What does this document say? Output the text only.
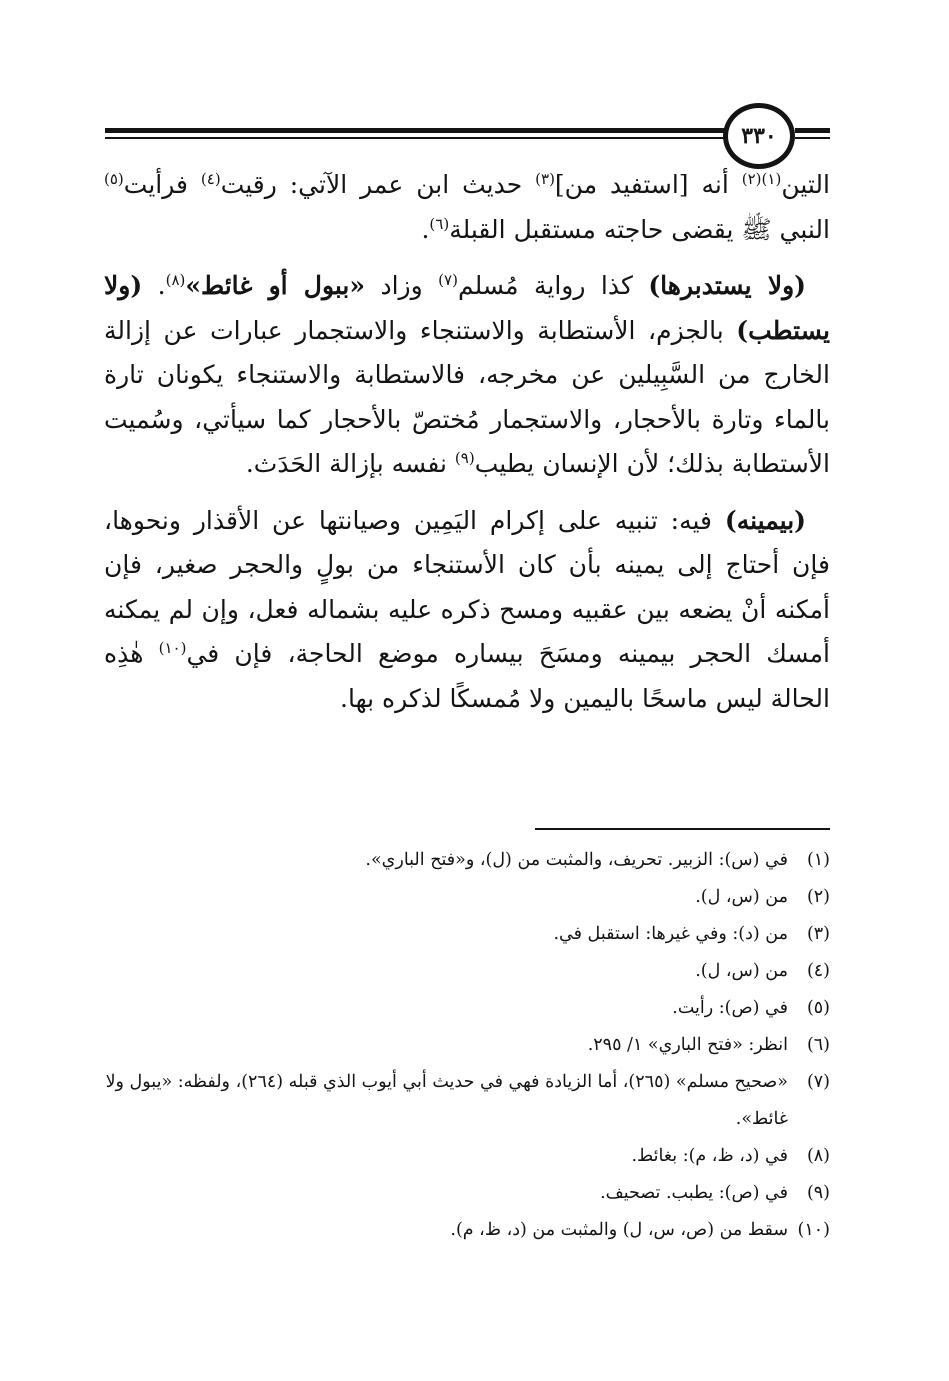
٣٣٠

التين$^{(١)(٢)}$ أنه [استفيد من]$^{(٣)}$ حديث ابن عمر الآتي: رقيت$^{(٤)}$ فرأيت$^{(٥)}$ النبي ﷺ يقضى حاجته مستقبل القبلة$^{(٦)}$.

(ولا يستدبرها) كذا رواية مُسلم$^{(٧)}$ وزاد «ببول أو غائط»$^{(٨)}$. (ولا يستطب) بالجزم، الأستطابة والاستنجاء والاستجمار عبارات عن إزالة الخارج من السَّبِيلين عن مخرجه، فالاستطابة والاستنجاء يكونان تارة بالماء وتارة بالأحجار، والاستجمار مُختصّ بالأحجار كما سيأتي، وسُميت الأستطابة بذلك؛ لأن الإنسان يطيب$^{(٩)}$ نفسه بإزالة الحَدَث.

(بيمينه) فيه: تنبيه على إكرام اليَمِين وصيانتها عن الأقذار ونحوها، فإن أحتاج إلى يمينه بأن كان الأستنجاء من بولٍ والحجر صغير، فإن أمكنه أنْ يضعه بين عقبيه ومسح ذكره عليه بشماله فعل، وإن لم يمكنه أمسك الحجر بيمينه ومسَحَ بيساره موضع الحاجة، فإن في$^{(١٠)}$ هٰذِه الحالة ليس ماسحًا باليمين ولا مُمسكًا لذكره بها.

(١)
في (س): الزبير. تحريف، والمثبت من (ل)، و«فتح الباري».
(٢)
من (س، ل).
(٣)
من (د): وفي غيرها: استقبل في.
(٤)
من (س، ل).
(٥)
في (ص): رأيت.
(٦)
انظر: «فتح الباري» ١/ ٢٩٥.
(٧)
«صحيح مسلم» (٢٦٥)، أما الزيادة فهي في حديث أبي أيوب الذي قبله (٢٦٤)، ولفظه: «يبول ولا غائط».
(٨)
في (د، ظ، م): بغائط.
(٩)
في (ص): يطبب. تصحيف.
(١٠)
سقط من (ص، س، ل) والمثبت من (د، ظ، م).
